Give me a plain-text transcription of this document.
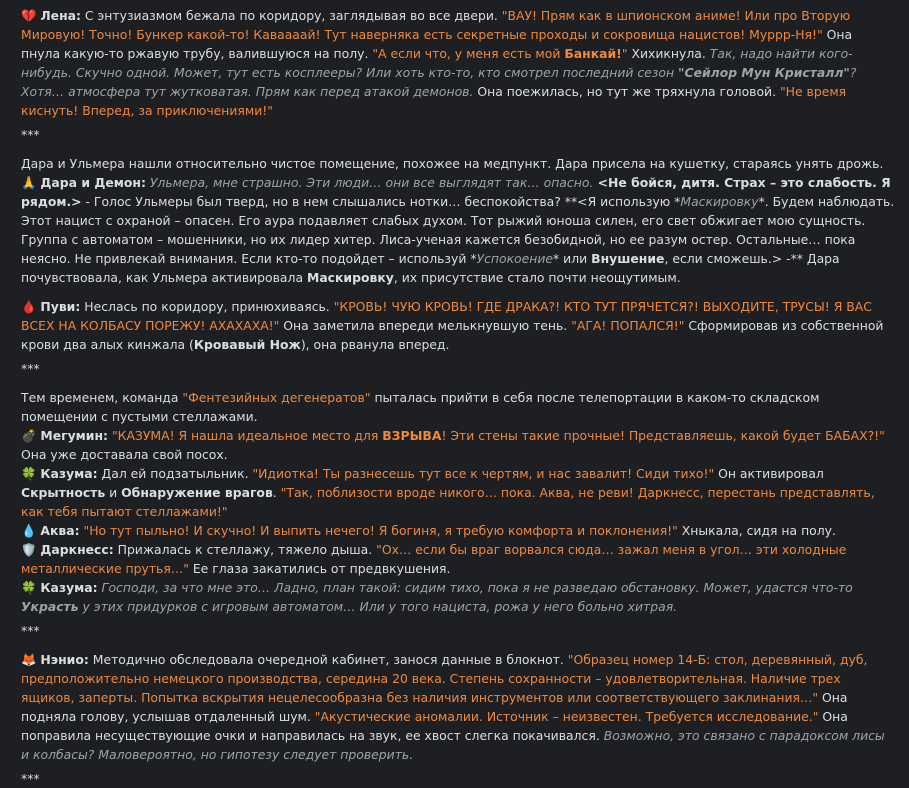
💔 Лена: С энтузиазмом бежала по коридору, заглядывая во все двери. "ВАУ! Прям как в шпионском аниме! Или про Вторую Мировую! Точно! Бункер какой-то! Каваааай! Тут наверняка есть секретные проходы и сокровища нацистов! Муррр-Ня!" Она пнула какую-то ржавую трубу, валившуюся на полу. "А если что, у меня есть мой Банкай!" Хихикнула. Так, надо найти кого-нибудь. Скучно одной. Может, тут есть косплееры? Или хоть кто-то, кто смотрел последний сезон "Сейлор Мун Кристалл"? Хотя… атмосфера тут жуткoватая. Прям как перед атакой демонов. Она поежилась, но тут же тряхнула головой. "Не время киснуть! Вперед, за приключениями!"

***

Дара и Ульмера нашли относительно чистое помещение, похожее на медпункт. Дара присела на кушетку, стараясь унять дрожь.

🙏 Дара и Демон: Ульмера, мне страшно. Эти люди… они все выглядят так… опасно. <Не бойся, дитя. Страх – это слабость. Я рядом.> - Голос Ульмеры был тверд, но в нем слышались нотки… беспокойства? **<Я использую *Маскировку*. Будем наблюдать. Этот нацист с охраной – опасен. Его аура подавляет слабых духом. Тот рыжий юноша силен, его свет обжигает мою сущность. Группа с автоматом – мошенники, но их лидер хитер. Лиса-ученая кажется безобидной, но ее разум остер. Остальные… пока неясно. Не привлекай внимания. Если кто-то подойдет – используй *Успокоение* или Внушение, если сможешь.> -** Дара почувствовала, как Ульмера активировала Маскировку, их присутствие стало почти неощутимым.

🩸 Пуви: Неслась по коридору, принюхиваясь. "КРОВЬ! ЧУЮ КРОВЬ! ГДЕ ДРАКА?! КТО ТУТ ПРЯЧЕТСЯ?! ВЫХОДИТЕ, ТРУСЫ! Я ВАС ВСЕХ НА КОЛБАСУ ПОРЕЖУ! АХАХАХА!" Она заметила впереди мелькнувшую тень. "АГА! ПОПАЛСЯ!" Сформировав из собственной крови два алых кинжала (Кровавый Нож), она рванула вперед.

***

Тем временем, команда "Фентезийных дегенератов" пыталась прийти в себя после телепортации в каком-то складском помещении с пустыми стеллажами.

💣 Мегумин: "КАЗУМА! Я нашла идеальное место для ВЗРЫВА! Эти стены такие прочные! Представляешь, какой будет БАБАХ?!" Она уже доставала свой посох.

🍀 Казума: Дал ей подзатыльник. "Идиотка! Ты разнесешь тут все к чертям, и нас завалит! Сиди тихо!" Он активировал Скрытность и Обнаружение врагов. "Так, поблизости вроде никого… пока. Аква, не реви! Даркнесс, перестань представлять, как тебя пытают стеллажами!"

💧 Аква: "Но тут пыльно! И скучно! И выпить нечего! Я богиня, я требую комфорта и поклонения!" Хныкала, сидя на полу.

🛡️ Даркнесс: Прижалась к стеллажу, тяжело дыша. "Ох… если бы враг ворвался сюда… зажал меня в угол… эти холодные металлические прутья…" Ее глаза закатились от предвкушения.

🍀 Казума: Господи, за что мне это… Ладно, план такой: сидим тихо, пока я не разведаю обстановку. Может, удастся что-то Украсть у этих придурков с игровым автоматом… Или у того нациста, рожа у него больно хитрая.

***

🦊 Нэнио: Методично обследовала очередной кабинет, занося данные в блокнот. "Образец номер 14-Б: стол, деревянный, дуб, предположительно немецкого производства, середина 20 века. Степень сохранности – удовлетворительная. Наличие трех ящиков, заперты. Попытка вскрытия нецелесообразна без наличия инструментов или соответствующего заклинания…" Она подняла голову, услышав отдаленный шум. "Акустические аномалии. Источник – неизвестен. Требуется исследование." Она поправила несуществующие очки и направилась на звук, ее хвост слегка покачивался. Возможно, это связано с парадоксом лисы и колбасы? Маловероятно, но гипотезу следует проверить.

***
